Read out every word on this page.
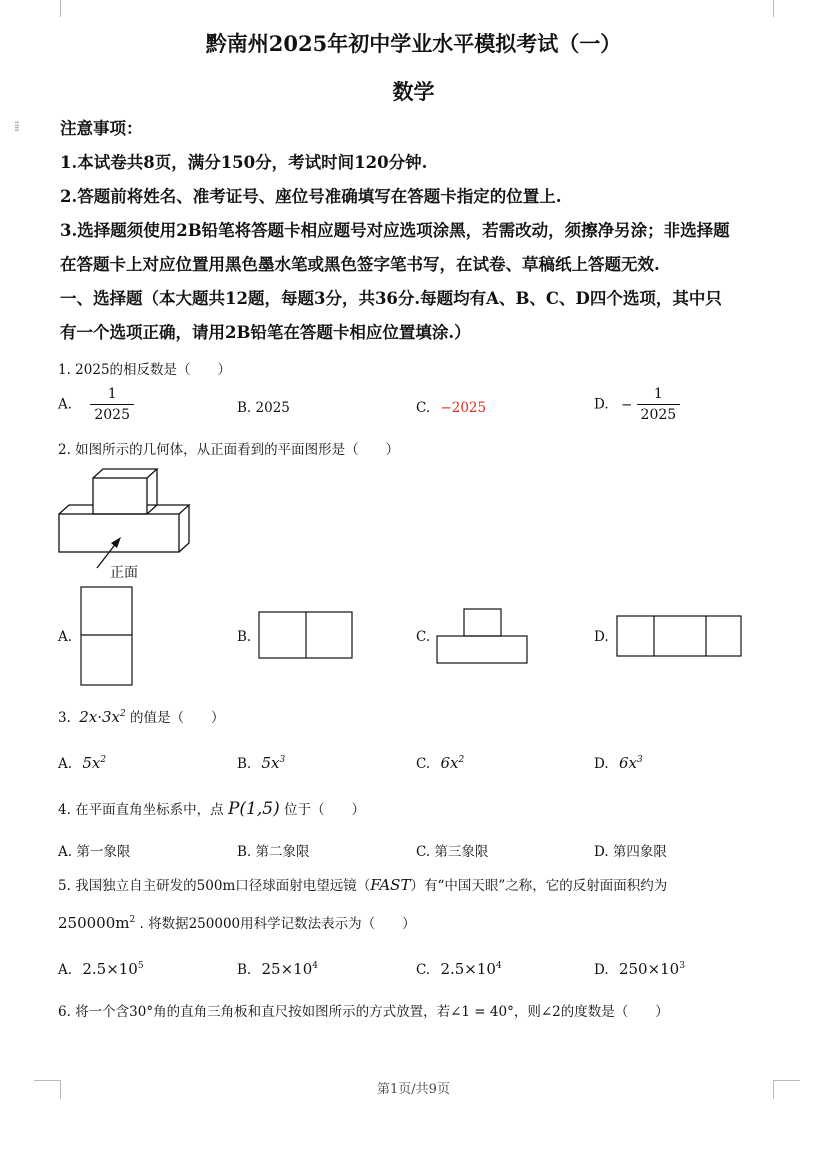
⁞⁞
黔南州2025年初中学业水平模拟考试（一）
数学
注意事项：
1.本试卷共8页，满分150分，考试时间120分钟.
2.答题前将姓名、准考证号、座位号准确填写在答题卡指定的位置上.
3.选择题须使用2B铅笔将答题卡相应题号对应选项涂黑，若需改动，须擦净另涂；非选择题
在答题卡上对应位置用黑色墨水笔或黑色签字笔书写，在试卷、草稿纸上答题无效.
一、选择题（本大题共12题，每题3分，共36分.每题均有A、B、C、D四个选项，其中只
有一个选项正确，请用2B铅笔在答题卡相应位置填涂.）
1. 2025的相反数是（　　）
A. $\frac{1}{2025}$	B. 2025	C. −2025	D. − $\frac{1}{2025}$
2. 如图所示的几何体，从正面看到的平面图形是（　　）
正面
A.	B.	C.	D.
3. $2x\cdot 3x^2$ 的值是（　　）
A. $5x^2$	B. $5x^3$	C. $6x^2$	D. $6x^3$
4. 在平面直角坐标系中，点 P(1,5) 位于（　　）
A. 第一象限	B. 第二象限	C. 第三象限	D. 第四象限
5. 我国独立自主研发的500m口径球面射电望远镜（FAST）有“中国天眼”之称，它的反射面面积约为
$250000m^2$ . 将数据250000用科学记数法表示为（　　）
A. $2.5\times 10^5$	B. $25\times 10^4$	C. $2.5\times 10^4$	D. $250\times 10^3$
6. 将一个含30°角的直角三角板和直尺按如图所示的方式放置，若∠1 = 40°，则∠2的度数是（　　）
第1页/共9页
